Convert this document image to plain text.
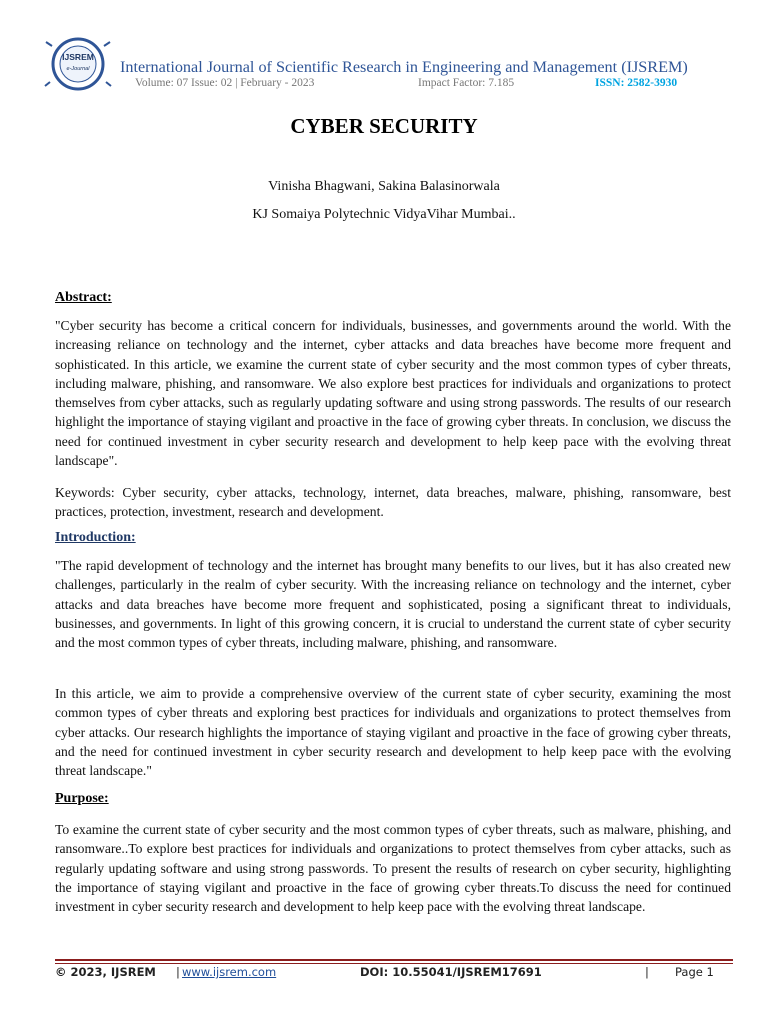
IJSREM
e-Journal International Journal of Scientific Research in Engineering and Management (IJSREM)
Volume: 07 Issue: 02 | February - 2023	Impact Factor: 7.185	ISSN: 2582-3930
CYBER SECURITY
Vinisha Bhagwani, Sakina Balasinorwala
KJ Somaiya Polytechnic VidyaVihar Mumbai..
Abstract:
"Cyber security has become a critical concern for individuals, businesses, and governments around the world. With the increasing reliance on technology and the internet, cyber attacks and data breaches have become more frequent and sophisticated. In this article, we examine the current state of cyber security and the most common types of cyber threats, including malware, phishing, and ransomware. We also explore best practices for individuals and organizations to protect themselves from cyber attacks, such as regularly updating software and using strong passwords. The results of our research highlight the importance of staying vigilant and proactive in the face of growing cyber threats. In conclusion, we discuss the need for continued investment in cyber security research and development to help keep pace with the evolving threat landscape".
Keywords: Cyber security, cyber attacks, technology, internet, data breaches, malware, phishing, ransomware, best practices, protection, investment, research and development.
Introduction:
"The rapid development of technology and the internet has brought many benefits to our lives, but it has also created new challenges, particularly in the realm of cyber security. With the increasing reliance on technology and the internet, cyber attacks and data breaches have become more frequent and sophisticated, posing a significant threat to individuals, businesses, and governments. In light of this growing concern, it is crucial to understand the current state of cyber security and the most common types of cyber threats, including malware, phishing, and ransomware.
In this article, we aim to provide a comprehensive overview of the current state of cyber security, examining the most common types of cyber threats and exploring best practices for individuals and organizations to protect themselves from cyber attacks. Our research highlights the importance of staying vigilant and proactive in the face of growing cyber threats, and the need for continued investment in cyber security research and development to help keep pace with the evolving threat landscape."
Purpose:
To examine the current state of cyber security and the most common types of cyber threats, such as malware, phishing, and ransomware..To explore best practices for individuals and organizations to protect themselves from cyber attacks, such as regularly updating software and using strong passwords. To present the results of research on cyber security, highlighting the importance of staying vigilant and proactive in the face of growing cyber threats.To discuss the need for continued investment in cyber security research and development to help keep pace with the evolving threat landscape.
© 2023, IJSREM | www.ijsrem.com	DOI: 10.55041/IJSREM17691	| Page 1
